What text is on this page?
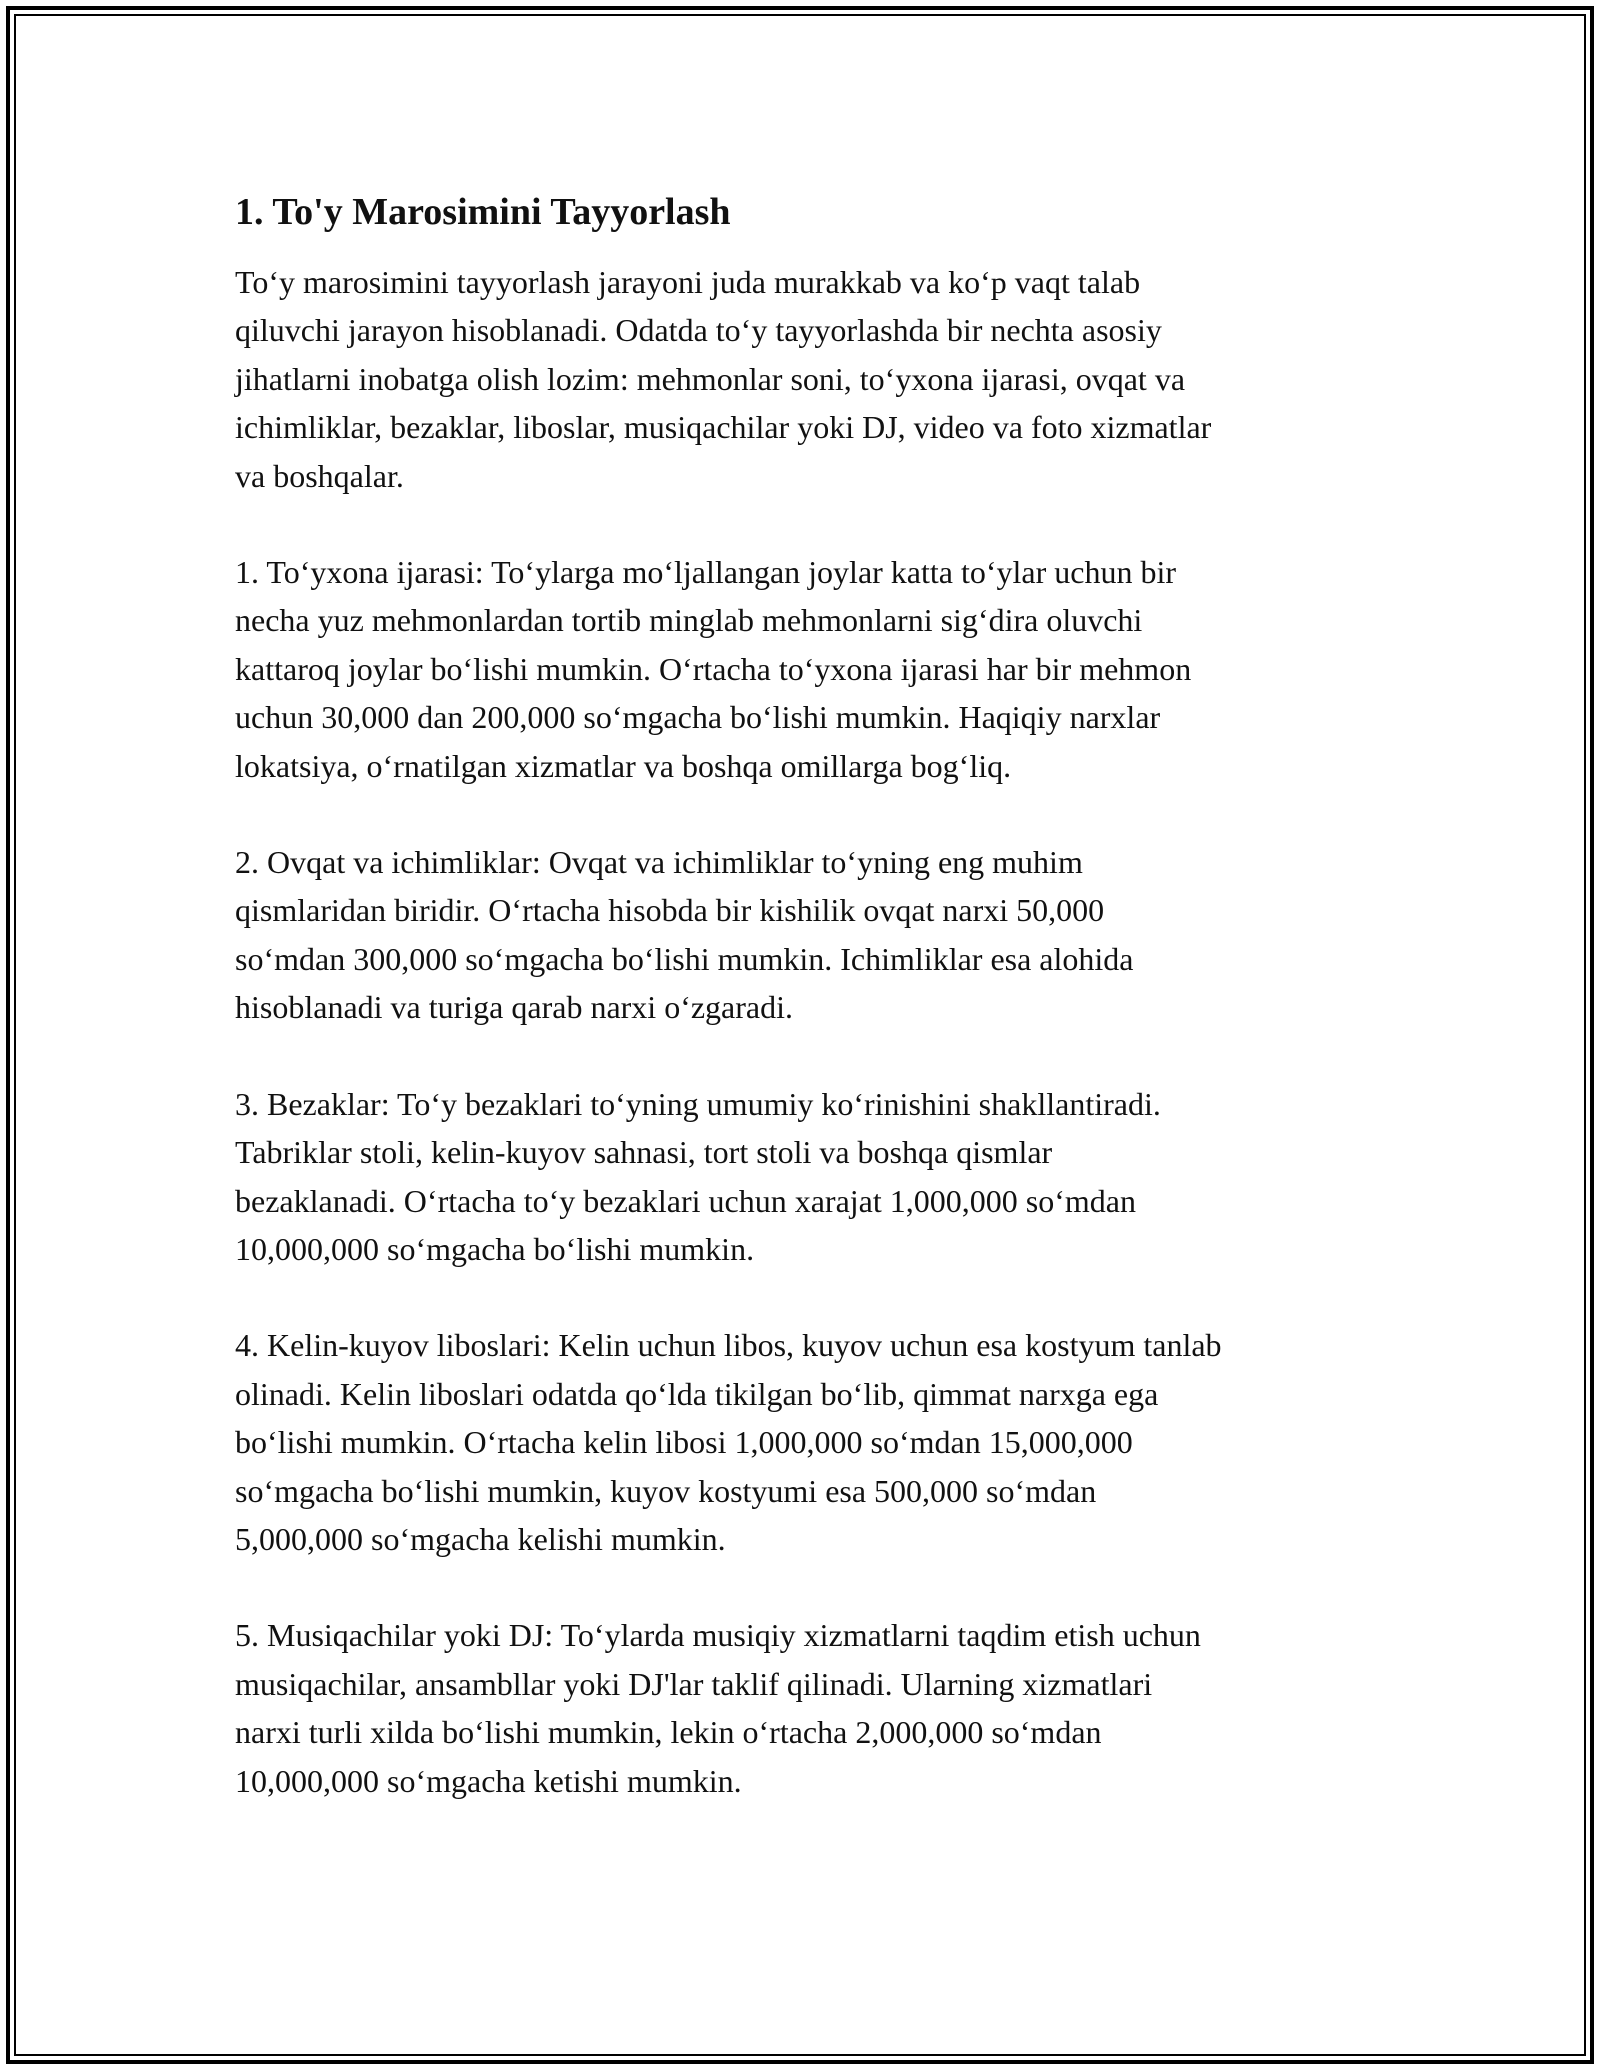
1. To'y Marosimini Tayyorlash
To‘y marosimini tayyorlash jarayoni juda murakkab va ko‘p vaqt talab
qiluvchi jarayon hisoblanadi. Odatda to‘y tayyorlashda bir nechta asosiy
jihatlarni inobatga olish lozim: mehmonlar soni, to‘yxona ijarasi, ovqat va
ichimliklar, bezaklar, liboslar, musiqachilar yoki DJ, video va foto xizmatlar
va boshqalar.
1. To‘yxona ijarasi: To‘ylarga mo‘ljallangan joylar katta to‘ylar uchun bir
necha yuz mehmonlardan tortib minglab mehmonlarni sig‘dira oluvchi
kattaroq joylar bo‘lishi mumkin. O‘rtacha to‘yxona ijarasi har bir mehmon
uchun 30,000 dan 200,000 so‘mgacha bo‘lishi mumkin. Haqiqiy narxlar
lokatsiya, o‘rnatilgan xizmatlar va boshqa omillarga bog‘liq.
2. Ovqat va ichimliklar: Ovqat va ichimliklar to‘yning eng muhim
qismlaridan biridir. O‘rtacha hisobda bir kishilik ovqat narxi 50,000
so‘mdan 300,000 so‘mgacha bo‘lishi mumkin. Ichimliklar esa alohida
hisoblanadi va turiga qarab narxi o‘zgaradi.
3. Bezaklar: To‘y bezaklari to‘yning umumiy ko‘rinishini shakllantiradi.
Tabriklar stoli, kelin-kuyov sahnasi, tort stoli va boshqa qismlar
bezaklanadi. O‘rtacha to‘y bezaklari uchun xarajat 1,000,000 so‘mdan
10,000,000 so‘mgacha bo‘lishi mumkin.
4. Kelin-kuyov liboslari: Kelin uchun libos, kuyov uchun esa kostyum tanlab
olinadi. Kelin liboslari odatda qo‘lda tikilgan bo‘lib, qimmat narxga ega
bo‘lishi mumkin. O‘rtacha kelin libosi 1,000,000 so‘mdan 15,000,000
so‘mgacha bo‘lishi mumkin, kuyov kostyumi esa 500,000 so‘mdan
5,000,000 so‘mgacha kelishi mumkin.
5. Musiqachilar yoki DJ: To‘ylarda musiqiy xizmatlarni taqdim etish uchun
musiqachilar, ansambllar yoki DJ'lar taklif qilinadi. Ularning xizmatlari
narxi turli xilda bo‘lishi mumkin, lekin o‘rtacha 2,000,000 so‘mdan
10,000,000 so‘mgacha ketishi mumkin.
